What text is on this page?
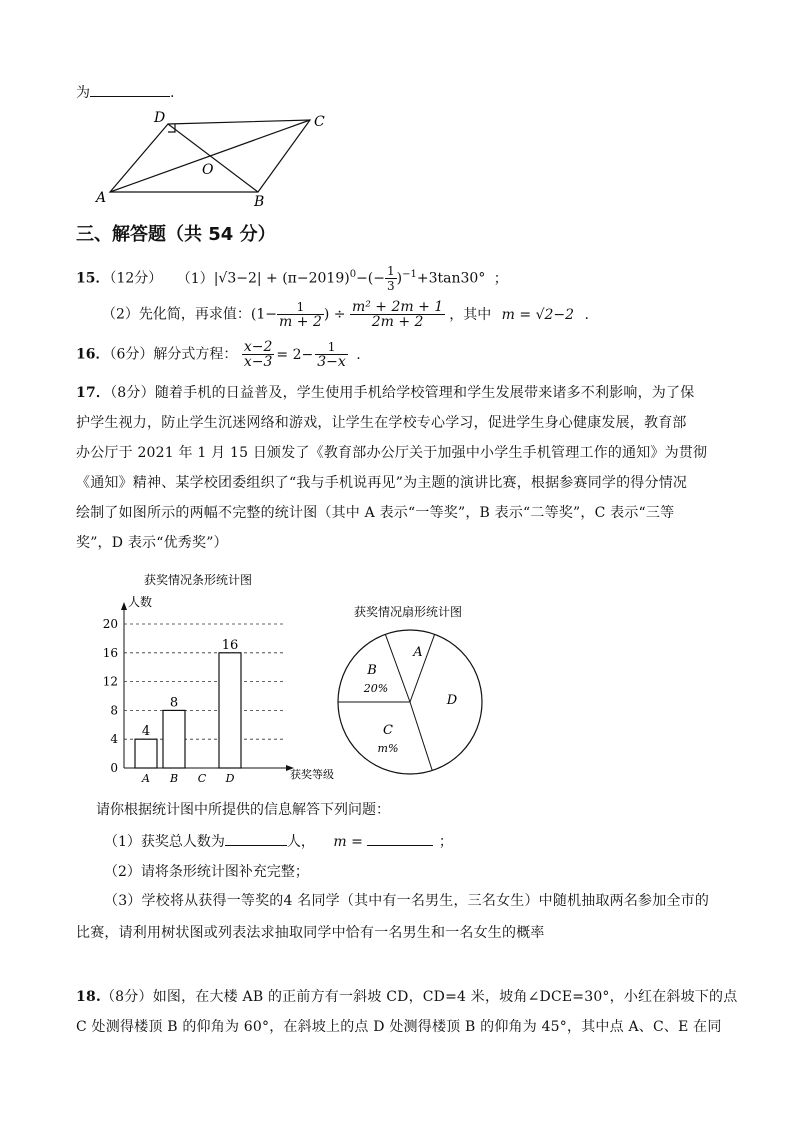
为	.
D	C
O
A	B
三、解答题（共 54 分）
15．（12分） $(1)|√3-2| + (\pi-2019)^0-(- \frac{1}{3} )^{-1}+3\tan 30^\circ$ ；
（2）先化简，再求值：($1- \frac{1}{m + 2}$ ) ÷ $\frac{\text{m² + 2m + 1}}{2m + 2}$ ，其中 m = √2−2 .
16．（6分）解分式方程： $\frac{x-2}{x-3} = 2- \frac{1}{3-x}$ .
17．（8分）随着手机的日益普及，学生使用手机给学校管理和学生发展带来诸多不利影响，为了保
护学生视力，防止学生沉迷网络和游戏，让学生在学校专心学习，促进学生身心健康发展，教育部
办公厅于 2021 年 1 月 15 日颁发了《教育部办公厅关于加强中小学生手机管理工作的通知》为贯彻
《通知》精神、某学校团委组织了“我与手机说再见”为主题的演讲比赛，根据参赛同学的得分情况
绘制了如图所示的两幅不完整的统计图（其中 A 表示“一等奖”，B 表示“二等奖”，C 表示“三等
奖”，D 表示“优秀奖”）
获奖情况条形统计图
人数
获奖等级
0
4
8
12
16
20
A
4
B
8
C D
16
获奖情况扇形统计图
A
B
20%
C
m%
D
请你根据统计图中所提供的信息解答下列问题：
（1）获奖总人数为	人， m =	；
（2）请将条形统计图补充完整；
（3）学校将从获得一等奖的4 名同学（其中有一名男生，三名女生）中随机抽取两名参加全市的
比赛，请利用树状图或列表法求抽取同学中恰有一名男生和一名女生的概率
18.（8分）如图，在大楼 AB 的正前方有一斜坡 CD，CD=4 米，坡角∠DCE=30°，小红在斜坡下的点
C 处测得楼顶 B 的仰角为 60°，在斜坡上的点 D 处测得楼顶 B 的仰角为 45°，其中点 A、C、E 在同
